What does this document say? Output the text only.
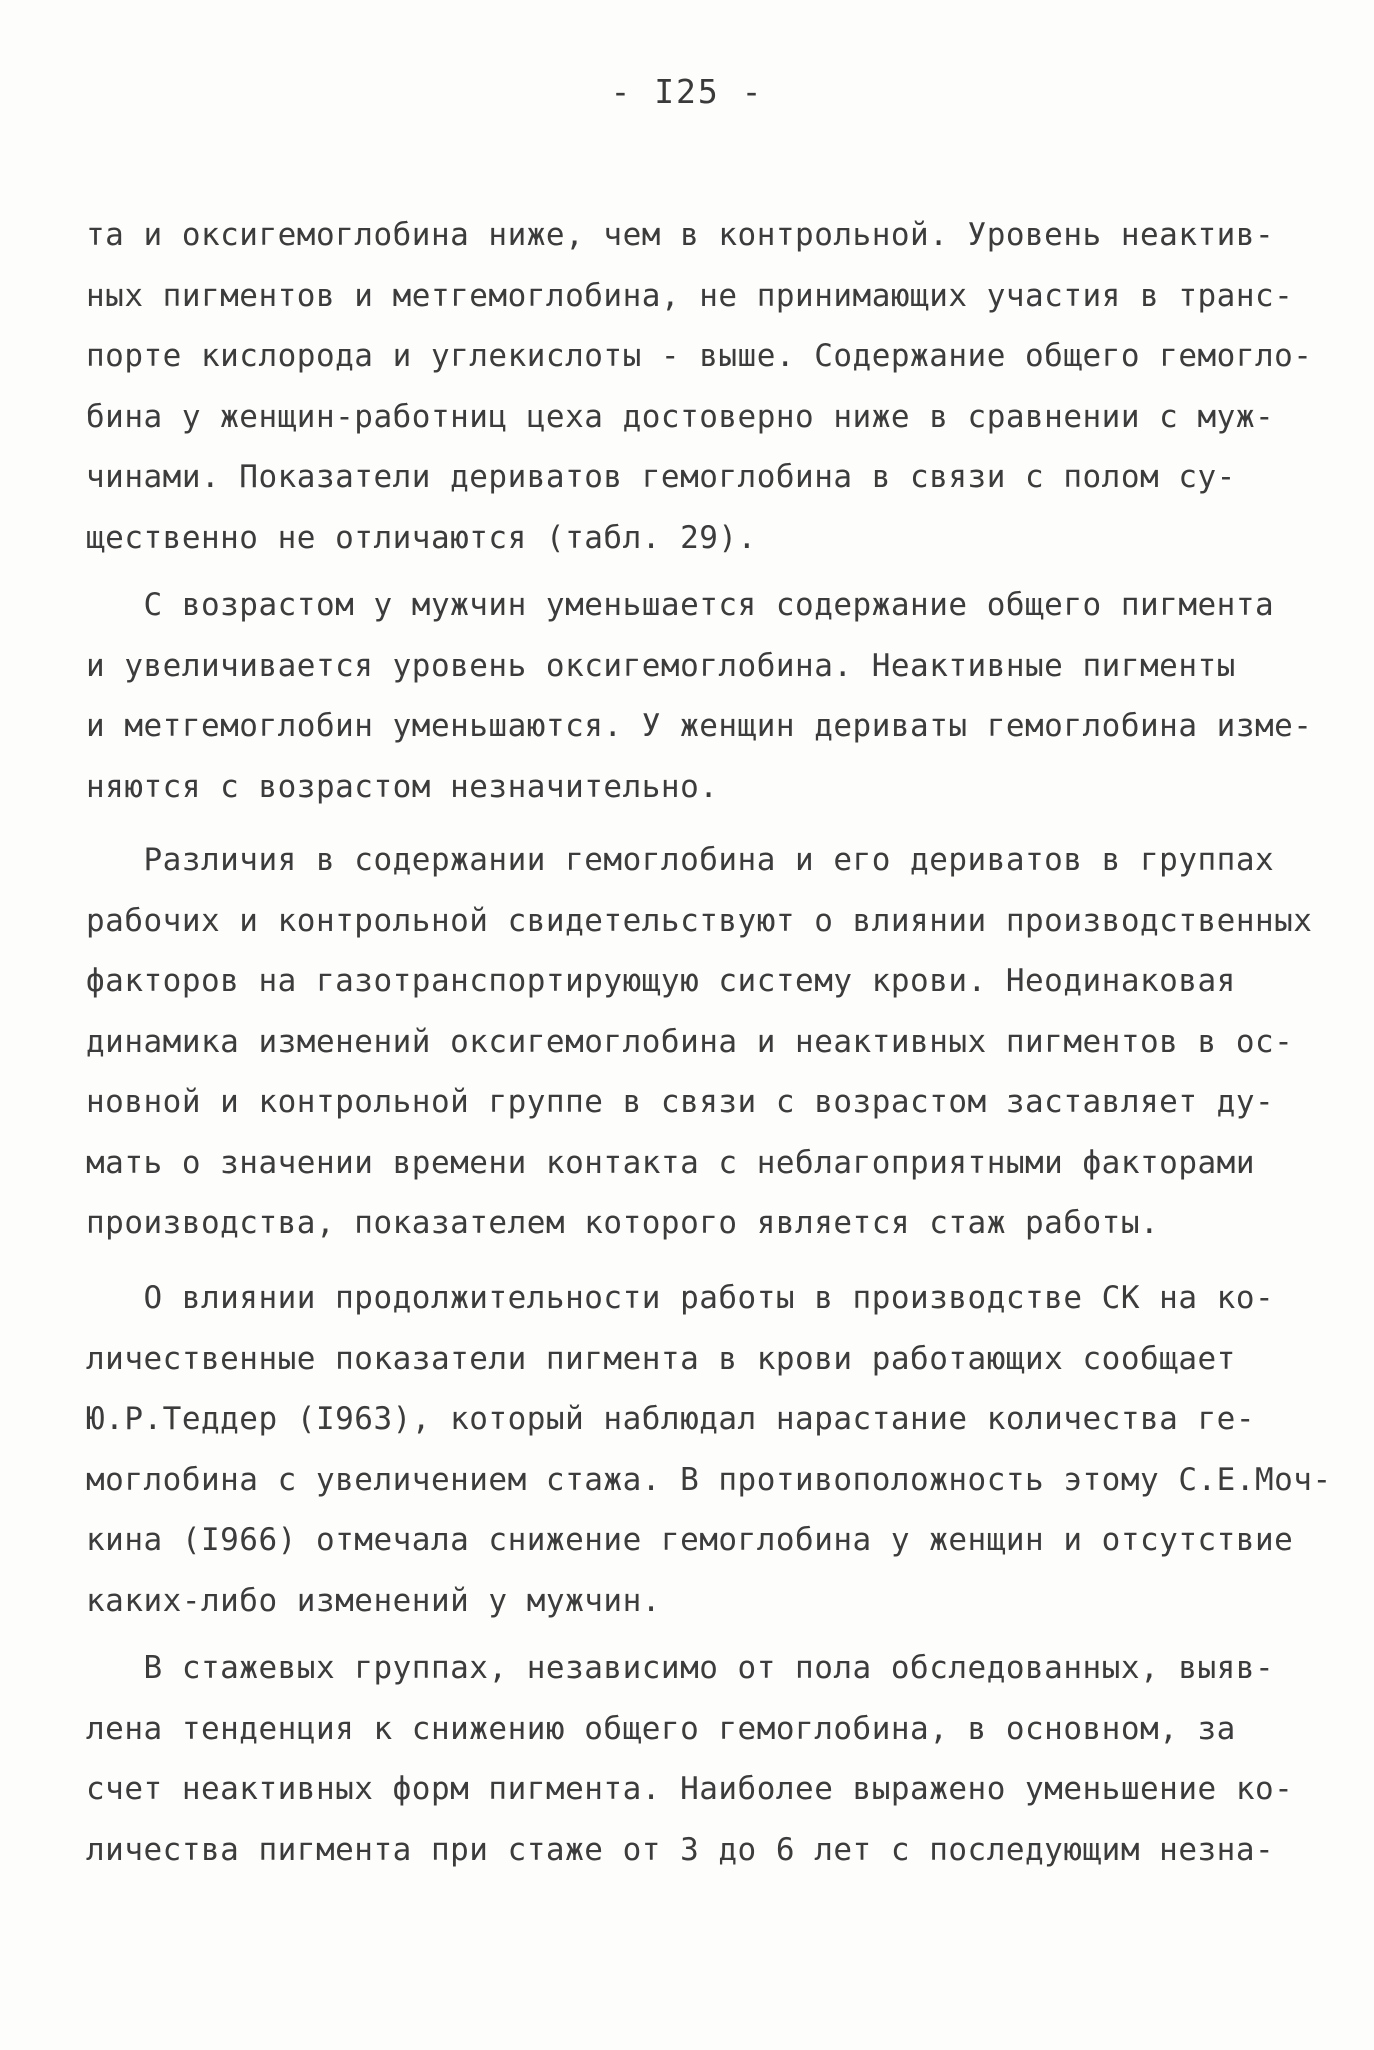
- I25 -
та и оксигемоглобина ниже, чем в контрольной. Уровень неактив-
ных пигментов и метгемоглобина, не принимающих участия в транс-
порте кислорода и углекислоты - выше. Содержание общего гемогло-
бина у женщин-работниц цеха достоверно ниже в сравнении с муж-
чинами. Показатели дериватов гемоглобина в связи с полом су-
щественно не отличаются (табл. 29).
С возрастом у мужчин уменьшается содержание общего пигмента
и увеличивается уровень оксигемоглобина. Неактивные пигменты
и метгемоглобин уменьшаются. У женщин дериваты гемоглобина изме-
няются с возрастом незначительно.
Различия в содержании гемоглобина и его дериватов в группах
рабочих и контрольной свидетельствуют о влиянии производственных
факторов на газотранспортирующую систему крови. Неодинаковая
динамика изменений оксигемоглобина и неактивных пигментов в ос-
новной и контрольной группе в связи с возрастом заставляет ду-
мать о значении времени контакта с неблагоприятными факторами
производства, показателем которого является стаж работы.
О влиянии продолжительности работы в производстве СК на ко-
личественные показатели пигмента в крови работающих сообщает
Ю.Р.Теддер (I963), который наблюдал нарастание количества ге-
моглобина с увеличением стажа. В противоположность этому С.Е.Моч-
кина (I966) отмечала снижение гемоглобина у женщин и отсутствие
каких-либо изменений у мужчин.
В стажевых группах, независимо от пола обследованных, выяв-
лена тенденция к снижению общего гемоглобина, в основном, за
счет неактивных форм пигмента. Наиболее выражено уменьшение ко-
личества пигмента при стаже от 3 до 6 лет с последующим незна-
